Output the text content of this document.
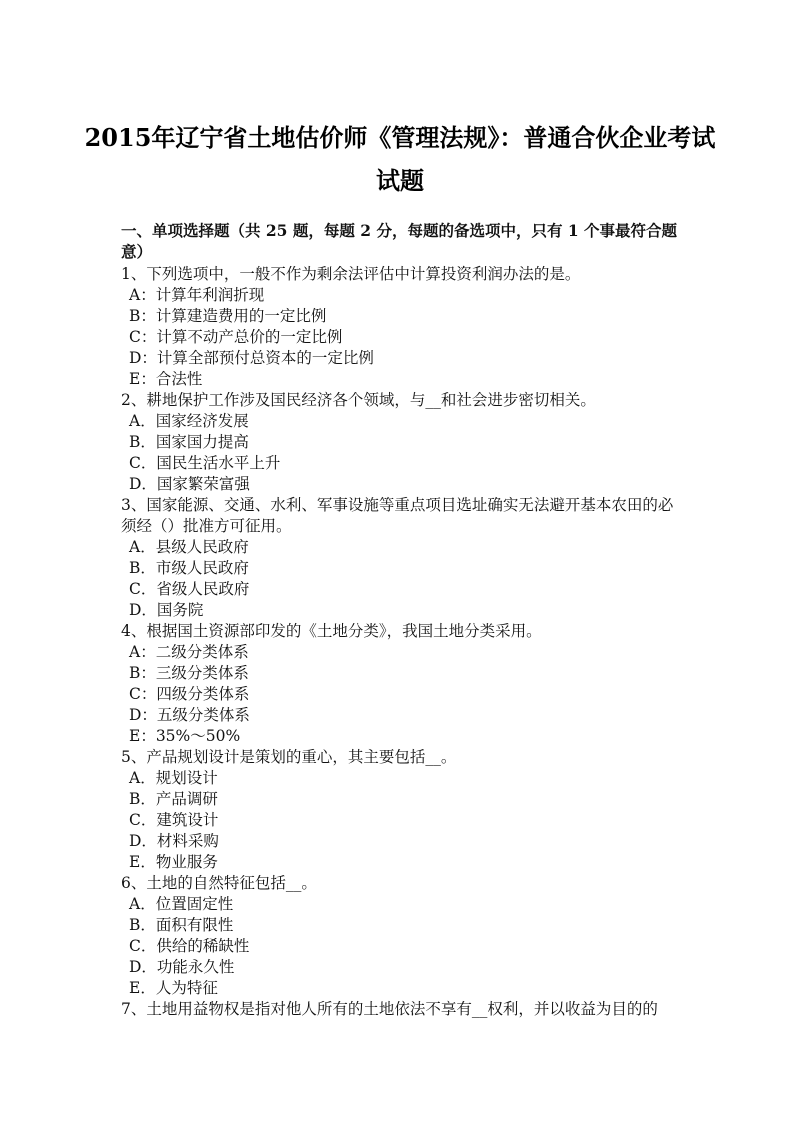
2015年辽宁省土地估价师《管理法规》：普通合伙企业考试
试题

一、单项选择题（共 25 题，每题 2 分，每题的备选项中，只有 1 个事最符合题意）

1、下列选项中，一般不作为剩余法评估中计算投资利润办法的是。

A：计算年利润折现

B：计算建造费用的一定比例

C：计算不动产总价的一定比例

D：计算全部预付总资本的一定比例

E：合法性

2、耕地保护工作涉及国民经济各个领域，与__和社会进步密切相关。

A．国家经济发展

B．国家国力提高

C．国民生活水平上升

D．国家繁荣富强

3、国家能源、交通、水利、军事设施等重点项目选址确实无法避开基本农田的必须经（）批准方可征用。

A．县级人民政府

B．市级人民政府

C．省级人民政府

D．国务院

4、根据国土资源部印发的《土地分类》，我国土地分类采用。

A：二级分类体系

B：三级分类体系

C：四级分类体系

D：五级分类体系

E：35%～50%

5、产品规划设计是策划的重心，其主要包括__。

A．规划设计

B．产品调研

C．建筑设计

D．材料采购

E．物业服务

6、土地的自然特征包括__。

A．位置固定性

B．面积有限性

C．供给的稀缺性

D．功能永久性

E．人为特征

7、土地用益物权是指对他人所有的土地依法不享有__权利，并以收益为目的的
